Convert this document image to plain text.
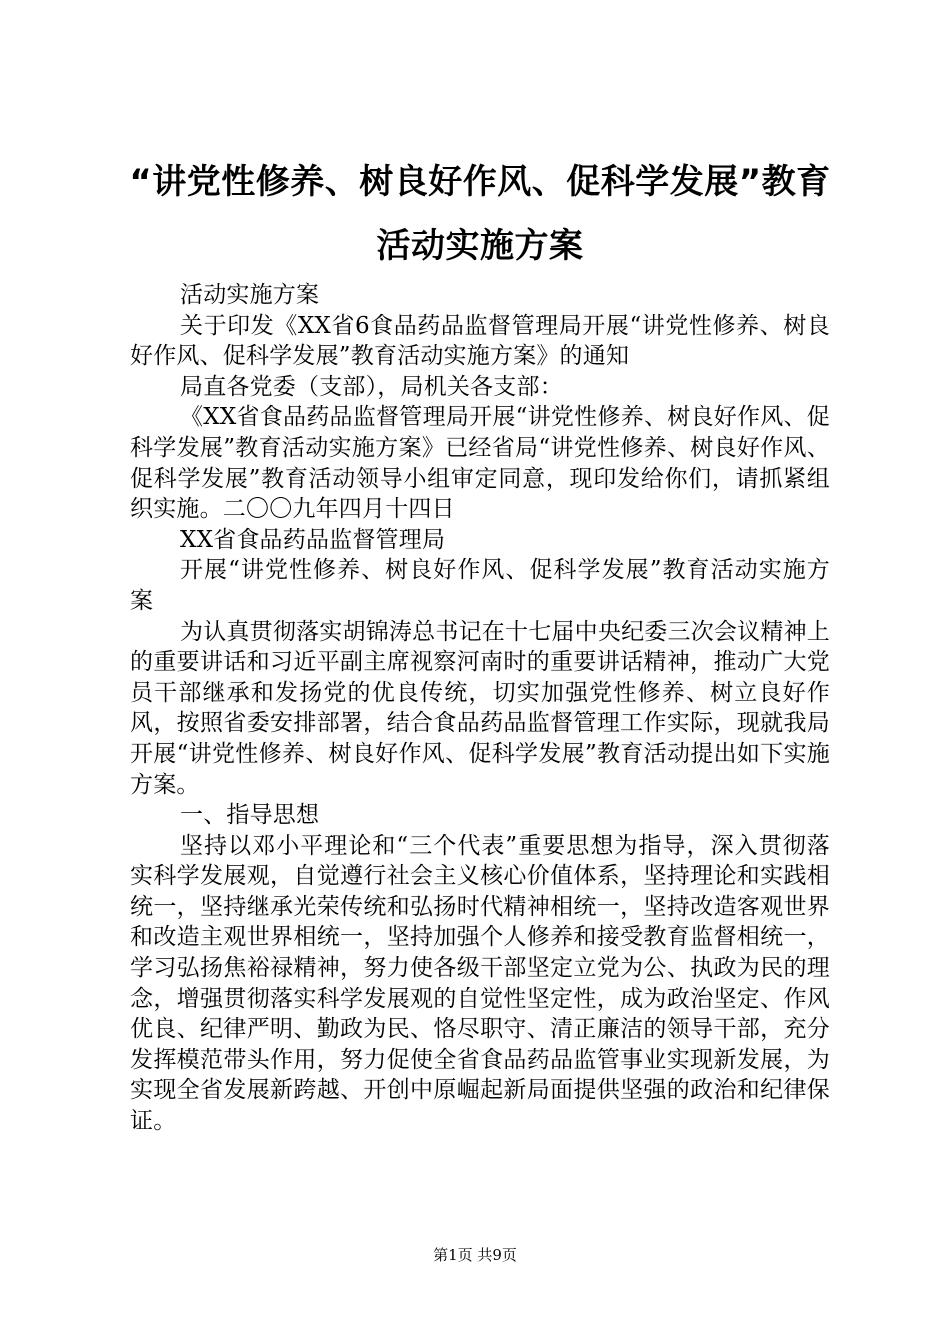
“讲党性修养、树良好作风、促科学发展”教育活动实施方案

活动实施方案

关于印发《XX省6食品药品监督管理局开展“讲党性修养、树良好作风、促科学发展”教育活动实施方案》的通知

局直各党委（支部），局机关各支部：

《XX省食品药品监督管理局开展“讲党性修养、树良好作风、促科学发展”教育活动实施方案》已经省局“讲党性修养、树良好作风、促科学发展”教育活动领导小组审定同意，现印发给你们，请抓紧组织实施。二〇〇九年四月十四日

XX省食品药品监督管理局

开展“讲党性修养、树良好作风、促科学发展”教育活动实施方案

为认真贯彻落实胡锦涛总书记在十七届中央纪委三次会议精神上的重要讲话和习近平副主席视察河南时的重要讲话精神，推动广大党员干部继承和发扬党的优良传统，切实加强党性修养、树立良好作风，按照省委安排部署，结合食品药品监督管理工作实际，现就我局开展“讲党性修养、树良好作风、促科学发展”教育活动提出如下实施方案。

一、指导思想

坚持以邓小平理论和“三个代表”重要思想为指导，深入贯彻落实科学发展观，自觉遵行社会主义核心价值体系，坚持理论和实践相统一，坚持继承光荣传统和弘扬时代精神相统一，坚持改造客观世界和改造主观世界相统一，坚持加强个人修养和接受教育监督相统一，学习弘扬焦裕禄精神，努力使各级干部坚定立党为公、执政为民的理念，增强贯彻落实科学发展观的自觉性坚定性，成为政治坚定、作风优良、纪律严明、勤政为民、恪尽职守、清正廉洁的领导干部，充分发挥模范带头作用，努力促使全省食品药品监管事业实现新发展，为实现全省发展新跨越、开创中原崛起新局面提供坚强的政治和纪律保证。

第1页 共9页
